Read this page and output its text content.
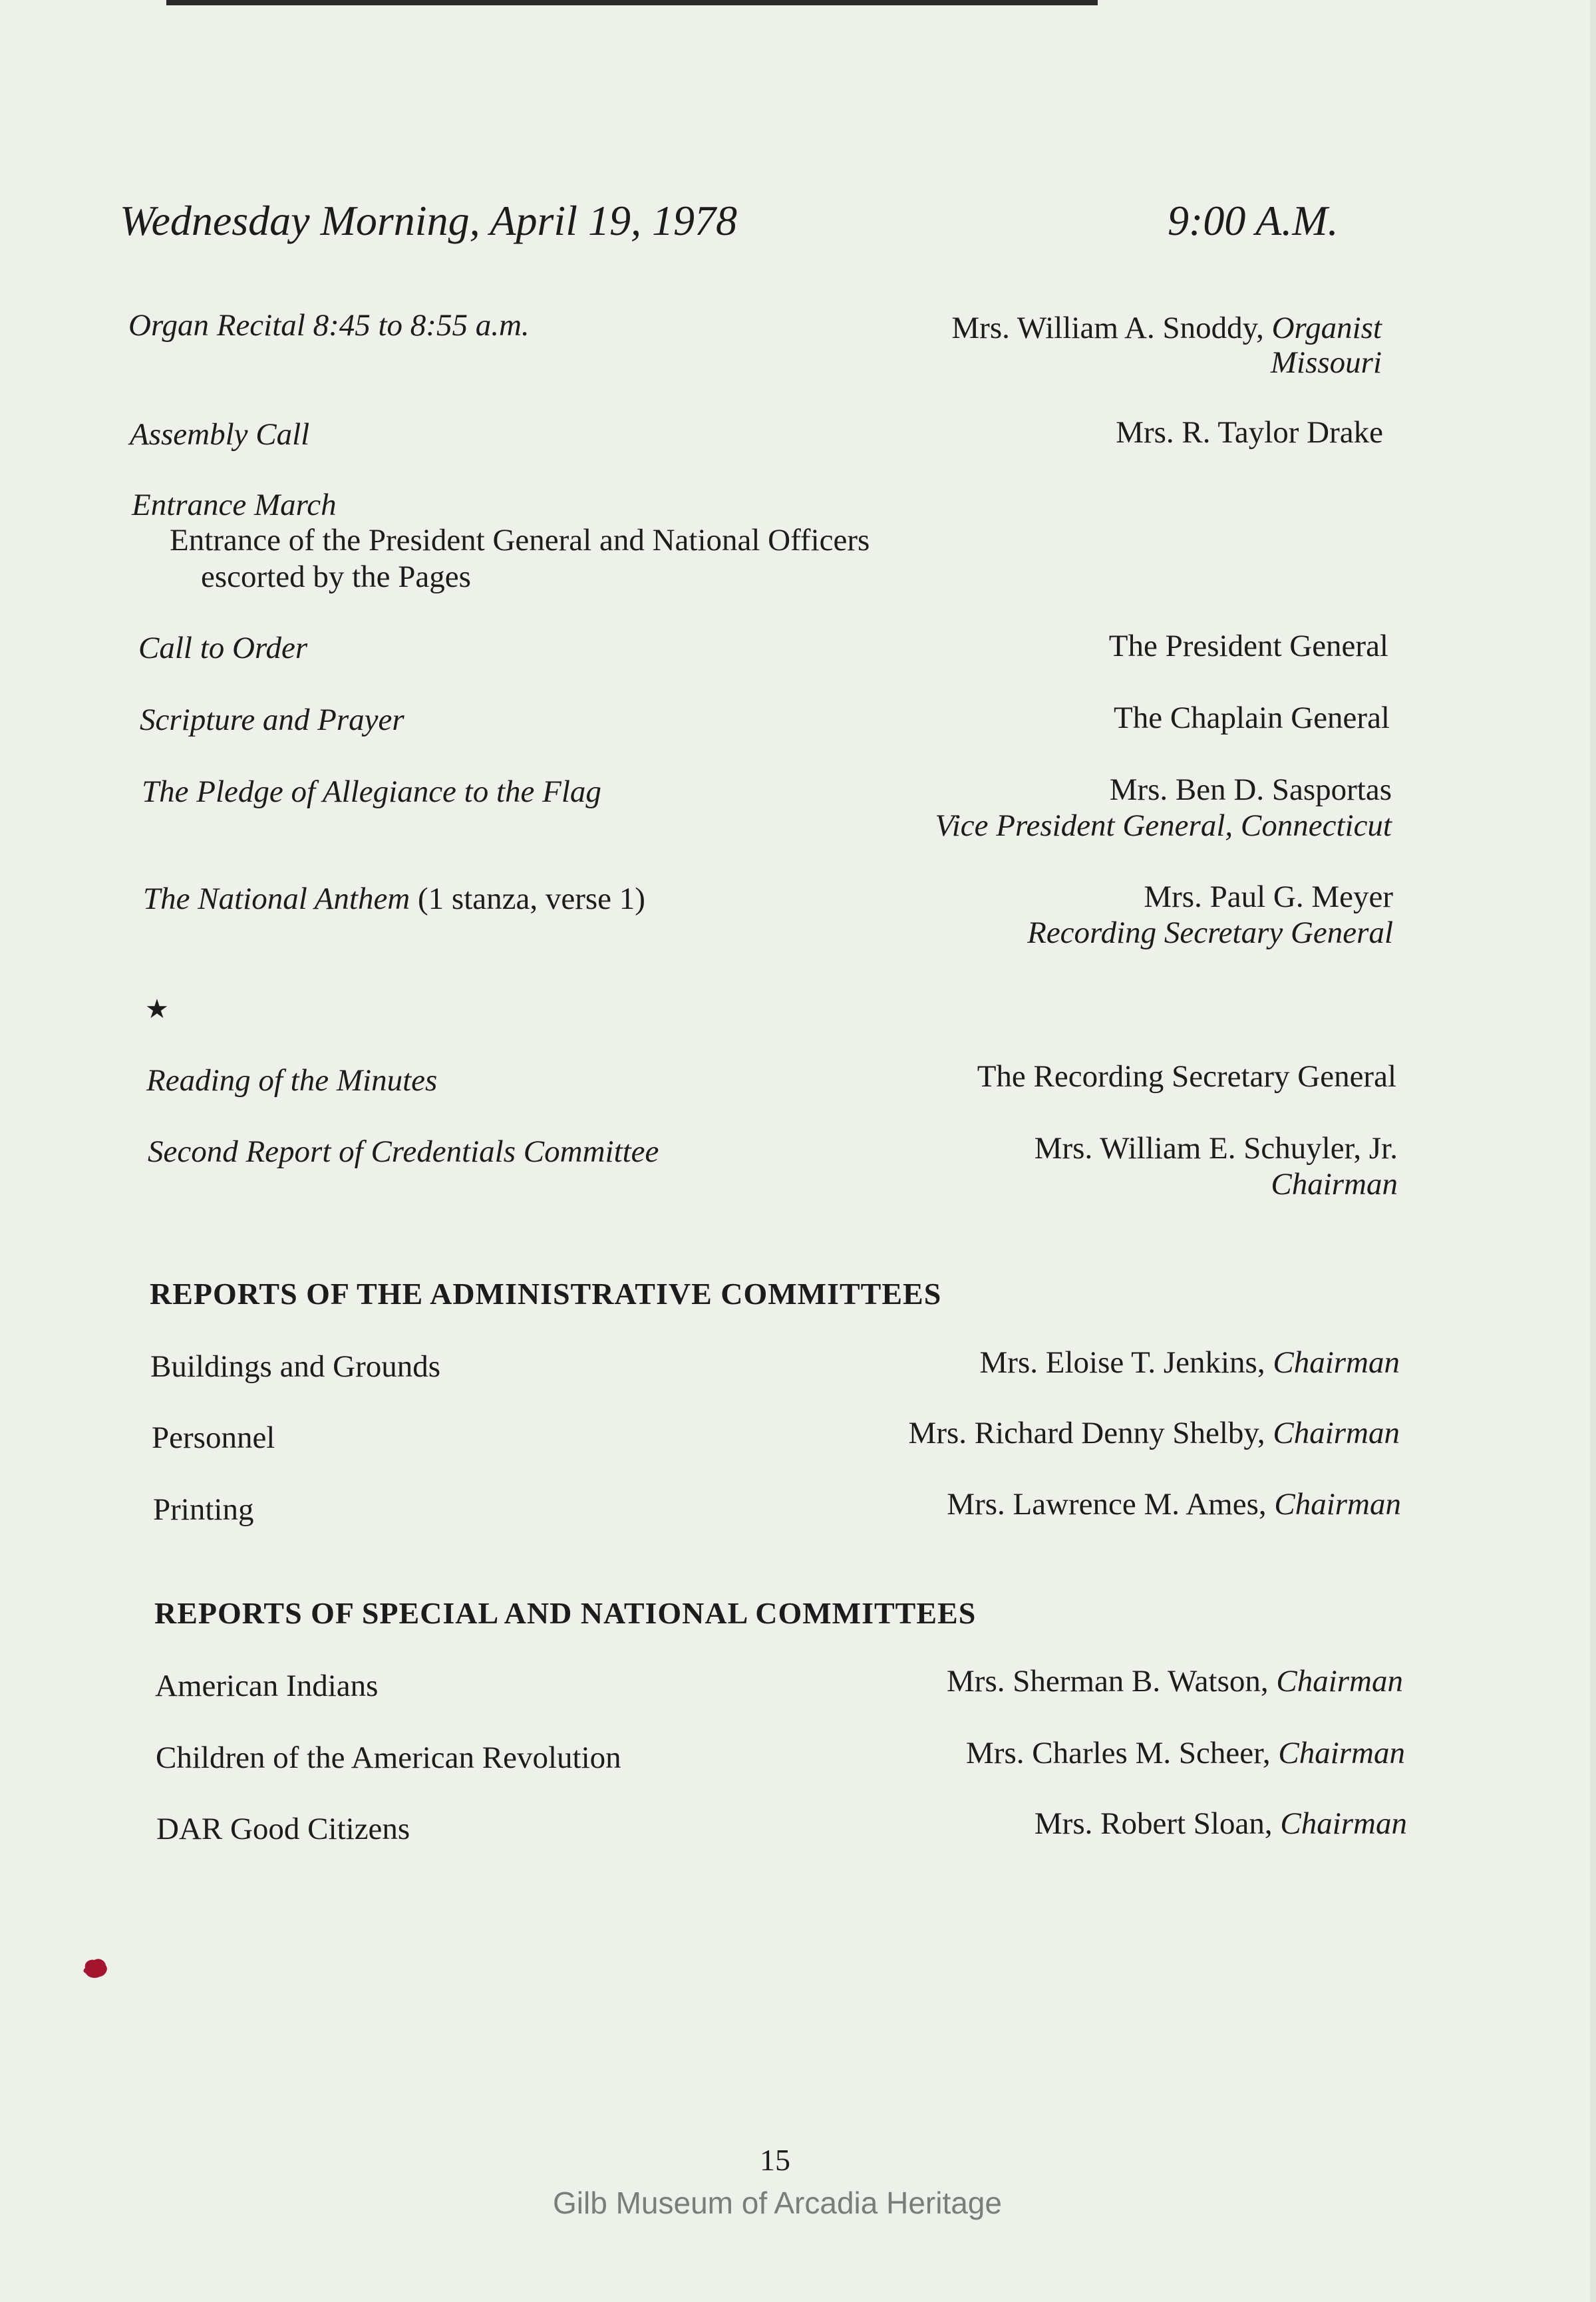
Wednesday Morning, April 19, 1978	9:00 A.M.
Organ Recital 8:45 to 8:55 a.m.	Mrs. William A. Snoddy, Organist
Missouri
Assembly Call	Mrs. R. Taylor Drake
Entrance March
Entrance of the President General and National Officers
escorted by the Pages
Call to Order	The President General
Scripture and Prayer	The Chaplain General
The Pledge of Allegiance to the Flag	Mrs. Ben D. Sasportas
Vice President General, Connecticut
The National Anthem (1 stanza, verse 1)	Mrs. Paul G. Meyer
Recording Secretary General
★
Reading of the Minutes	The Recording Secretary General
Second Report of Credentials Committee	Mrs. William E. Schuyler, Jr.
Chairman
REPORTS OF THE ADMINISTRATIVE COMMITTEES
Buildings and Grounds	Mrs. Eloise T. Jenkins, Chairman
Personnel	Mrs. Richard Denny Shelby, Chairman
Printing	Mrs. Lawrence M. Ames, Chairman
REPORTS OF SPECIAL AND NATIONAL COMMITTEES
American Indians	Mrs. Sherman B. Watson, Chairman
Children of the American Revolution	Mrs. Charles M. Scheer, Chairman
DAR Good Citizens	Mrs. Robert Sloan, Chairman
15
Gilb Museum of Arcadia Heritage
